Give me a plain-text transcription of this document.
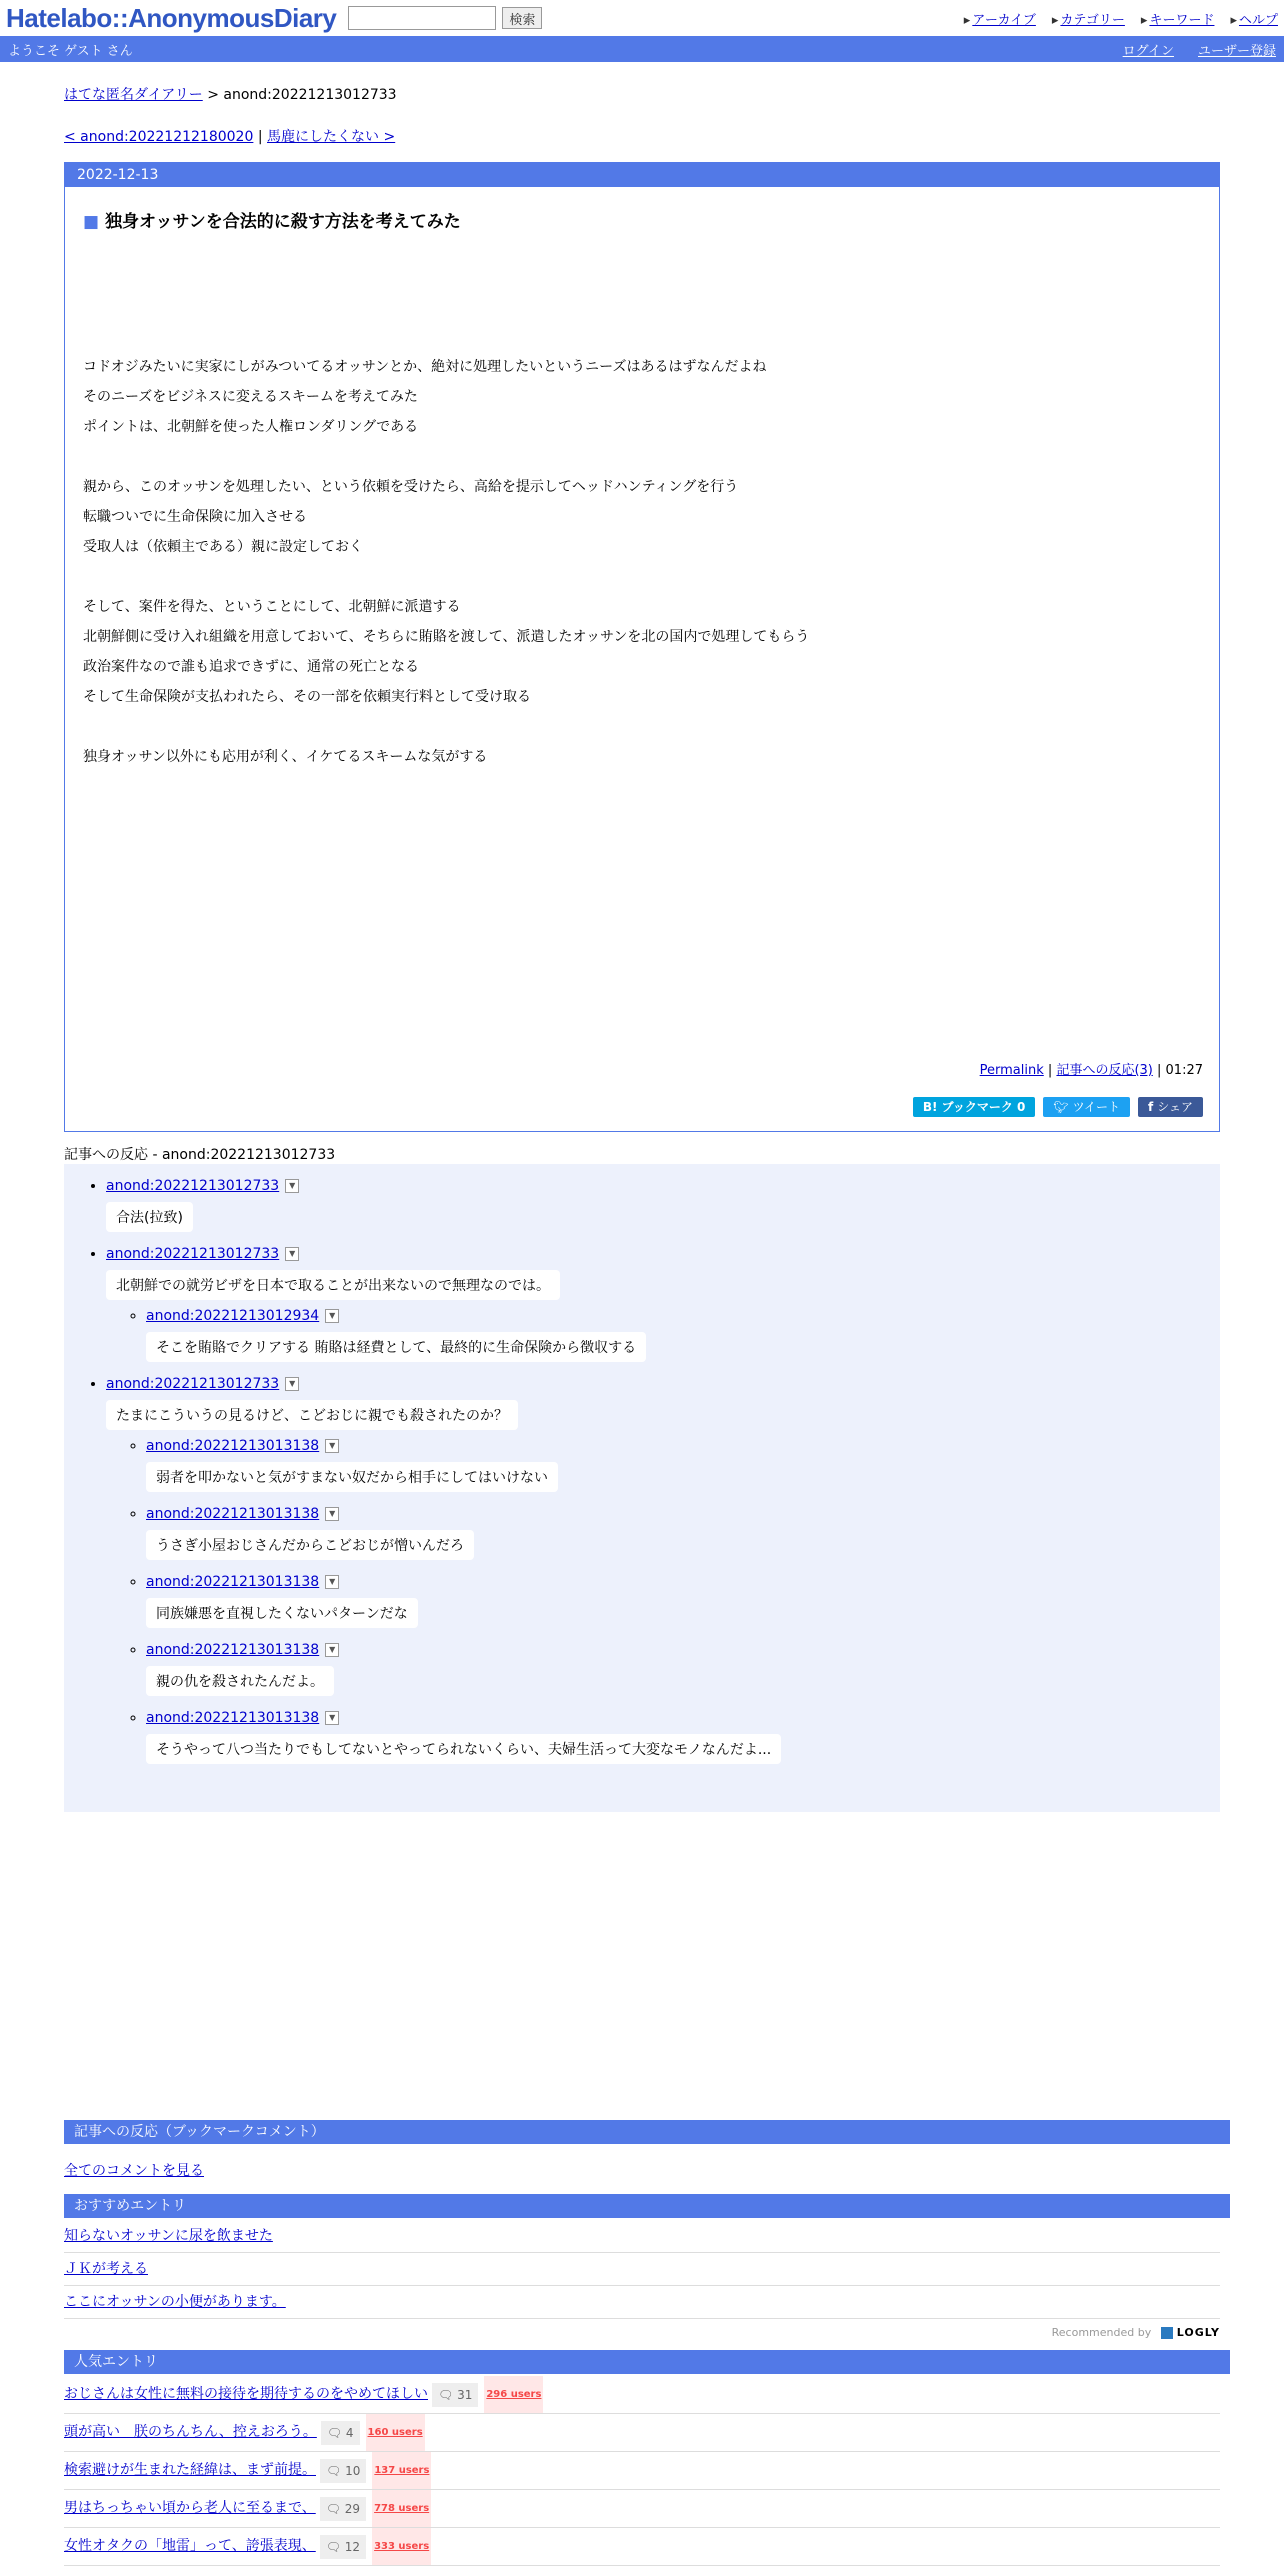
Hatelabo::AnonymousDiary	検索	▸ アーカイブ	▸ カテゴリー	▸ キーワード	▸ ヘルプ
ようこそ ゲスト さん	ログイン ユーザー登録
はてな匿名ダイアリー > anond:20221213012733
< anond:20221212180020 | 馬鹿にしたくない >
2022-12-13
■ 独身オッサンを合法的に殺す方法を考えてみた

コドオジみたいに実家にしがみついてるオッサンとか、絶対に処理したいというニーズはあるはずなんだよね
そのニーズをビジネスに変えるスキームを考えてみた
ポイントは、北朝鮮を使った人権ロンダリングである

親から、このオッサンを処理したい、という依頼を受けたら、高給を提示してヘッドハンティングを行う
転職ついでに生命保険に加入させる
受取人は（依頼主である）親に設定しておく

そして、案件を得た、ということにして、北朝鮮に派遣する
北朝鮮側に受け入れ組織を用意しておいて、そちらに賄賂を渡して、派遣したオッサンを北の国内で処理してもらう
政治案件なので誰も追求できずに、通常の死亡となる
そして生命保険が支払われたら、その一部を依頼実行料として受け取る

独身オッサン以外にも応用が利く、イケてるスキームな気がする

Permalink | 記事への反応(3) | 01:27
B! ブックマーク 0	🐦︎ ツイート	f シェア
記事への反応 - anond:20221213012733
• anond:20221213012733 ▼
合法(拉致)
• anond:20221213012733 ▼
北朝鮮での就労ビザを日本で取ることが出来ないので無理なのでは。
◦ anond:20221213012934 ▼
そこを賄賂でクリアする 賄賂は経費として、最終的に生命保険から徴収する
• anond:20221213012733 ▼
たまにこういうの見るけど、こどおじに親でも殺されたのか？
◦ anond:20221213013138 ▼
弱者を叩かないと気がすまない奴だから相手にしてはいけない
◦ anond:20221213013138 ▼
うさぎ小屋おじさんだからこどおじが憎いんだろ
◦ anond:20221213013138 ▼
同族嫌悪を直視したくないパターンだな
◦ anond:20221213013138 ▼
親の仇を殺されたんだよ。
◦ anond:20221213013138 ▼
そうやって八つ当たりでもしてないとやってられないくらい、夫婦生活って大変なモノなんだよ...
記事への反応（ブックマークコメント）
全てのコメントを見る
おすすめエントリ
知らないオッサンに尿を飲ませた
ＪＫが考える
ここにオッサンの小便があります。
Recommended by LOGLY
人気エントリ
おじさんは女性に無料の接待を期待するのをやめてほしい 🗨︎ 31	296 users
頭が高い　朕のちんちん、控えおろう。 🗨︎ 4	160 users
検索避けが生まれた経緯は、まず前提。 🗨︎ 10	137 users
男はちっちゃい頃から老人に至るまで、 🗨︎ 29	778 users
女性オタクの「地雷」って、誇張表現、 🗨︎ 12	333 users
